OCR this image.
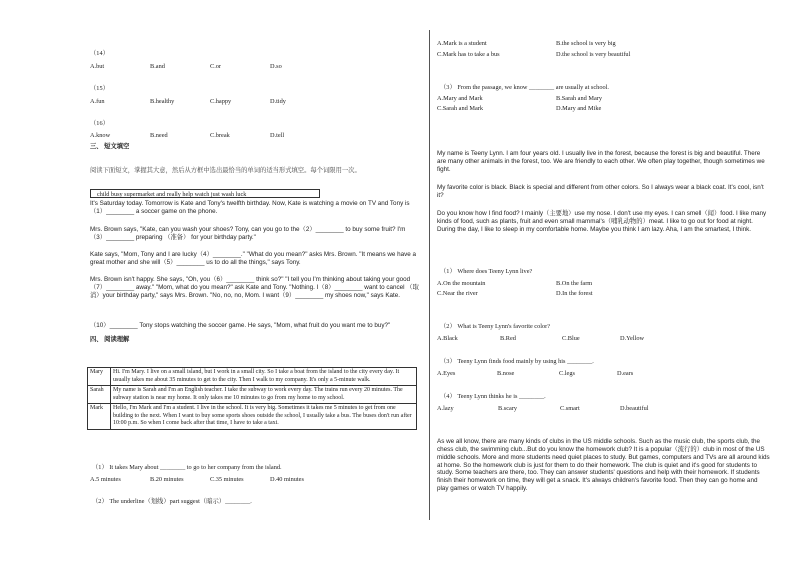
（14）
A.but	B.and	C.or	D.so
（15）
A.fun	B.healthy	C.happy	D.tidy
（16）
A.know	B.need	C.break	D.tell
三、 短文填空
阅读下面短文，掌握其大意，然后从方框中选出最恰当的单词的适当形式填空。每个词限用一次。
child busy supermarket and really help watch just wash luck
It's Saturday today. Tomorrow is Kate and Tony's twelfth birthday. Now, Kate is watching a movie on TV and Tony is （1）________ a soccer game on the phone.
Mrs. Brown says, "Kate, can you wash your shoes? Tony, can you go to the（2）________ to buy some fruit? I'm （3）________ preparing （准备） for your birthday party."
Kate says, "Mom, Tony and I are lucky（4）________." "What do you mean?" asks Mrs. Brown. "It means we have a great mother and she will（5）________ us to do all the things," says Tony.
Mrs. Brown isn't happy. She says, "Oh, you（6）________ think so?" "I tell you I'm thinking about taking your good （7）________ away." "Mom, what do you mean?" ask Kate and Tony. "Nothing. I（8）________ want to cancel （取消）your birthday party," says Mrs. Brown. "No, no, no, Mom. I want（9）________ my shoes now," says Kate.
（10）________ Tony stops watching the soccer game. He says, "Mom, what fruit do you want me to buy?"
四、 阅读理解
Mary	Hi. I'm Mary. I live on a small island, but I work in a small city. So I take a boat from the island to the city every day. It usually takes me about 35 minutes to get to the city. Then I walk to my company. It's only a 5-minute walk.
Sarah	My name is Sarah and I'm an English teacher. I take the subway to work every day. The trains run every 20 minutes. The subway station is near my home. It only takes me 10 minutes to go from my home to my school.
Mark	Hello, I'm Mark and I'm a student. I live in the school. It is very big. Sometimes it takes me 5 minutes to get from one building to the next. When I want to buy some sports shoes outside the school, I usually take a bus. The buses don't run after 10:00 p.m. So when I come back after that time, I have to take a taxi.
（1） It takes Mary about ________ to go to her company from the island.
A.5 minutes	B.20 minutes	C.35 minutes	D.40 minutes
（2） The underline（划线）part suggest（暗示）________.
A.Mark is a student	B.the school is very big
C.Mark has to take a bus	D.the school is very beautiful
（3） From the passage, we know ________ are usually at school.
A.Mary and Mark	B.Sarah and Mary
C.Sarah and Mark	D.Mary and Mike
My name is Teeny Lynn. I am four years old. I usually live in the forest, because the forest is big and beautiful. There are many other animals in the forest, too. We are friendly to each other. We often play together, though sometimes we fight.
My favorite color is black. Black is special and different from other colors. So I always wear a black coat. It's cool, isn't it?
Do you know how I find food? I mainly（主要地）use my nose. I don't use my eyes. I can smell（闻）food. I like many kinds of food, such as plants, fruit and even small mammal's（哺乳动物的）meat. I like to go out for food at night. During the day, I like to sleep in my comfortable home. Maybe you think I am lazy. Aha, I am the smartest, I think.
（1） Where does Teeny Lynn live?
A.On the mountain	B.On the farm
C.Near the river	D.In the forest
（2） What is Teeny Lynn's favorite color?
A.Black	B.Red	C.Blue	D.Yellow
（3） Teeny Lynn finds food mainly by using his ________.
A.Eyes	B.nose	C.legs	D.ears
（4） Teeny Lynn thinks he is ________.
A.lazy	B.scary	C.smart	D.beautiful
As we all know, there are many kinds of clubs in the US middle schools. Such as the music club, the sports club, the chess club, the swimming club...But do you know the homework club? It is a popular（流行的）club in most of the US middle schools. More and more students need quiet places to study. But games, computers and TVs are all around kids at home. So the homework club is just for them to do their homework. The club is quiet and it's good for students to study. Some teachers are there, too. They can answer students' questions and help with their homework. If students finish their homework on time, they will get a snack. It's always children's favorite food. Then they can go home and play games or watch TV happily.
